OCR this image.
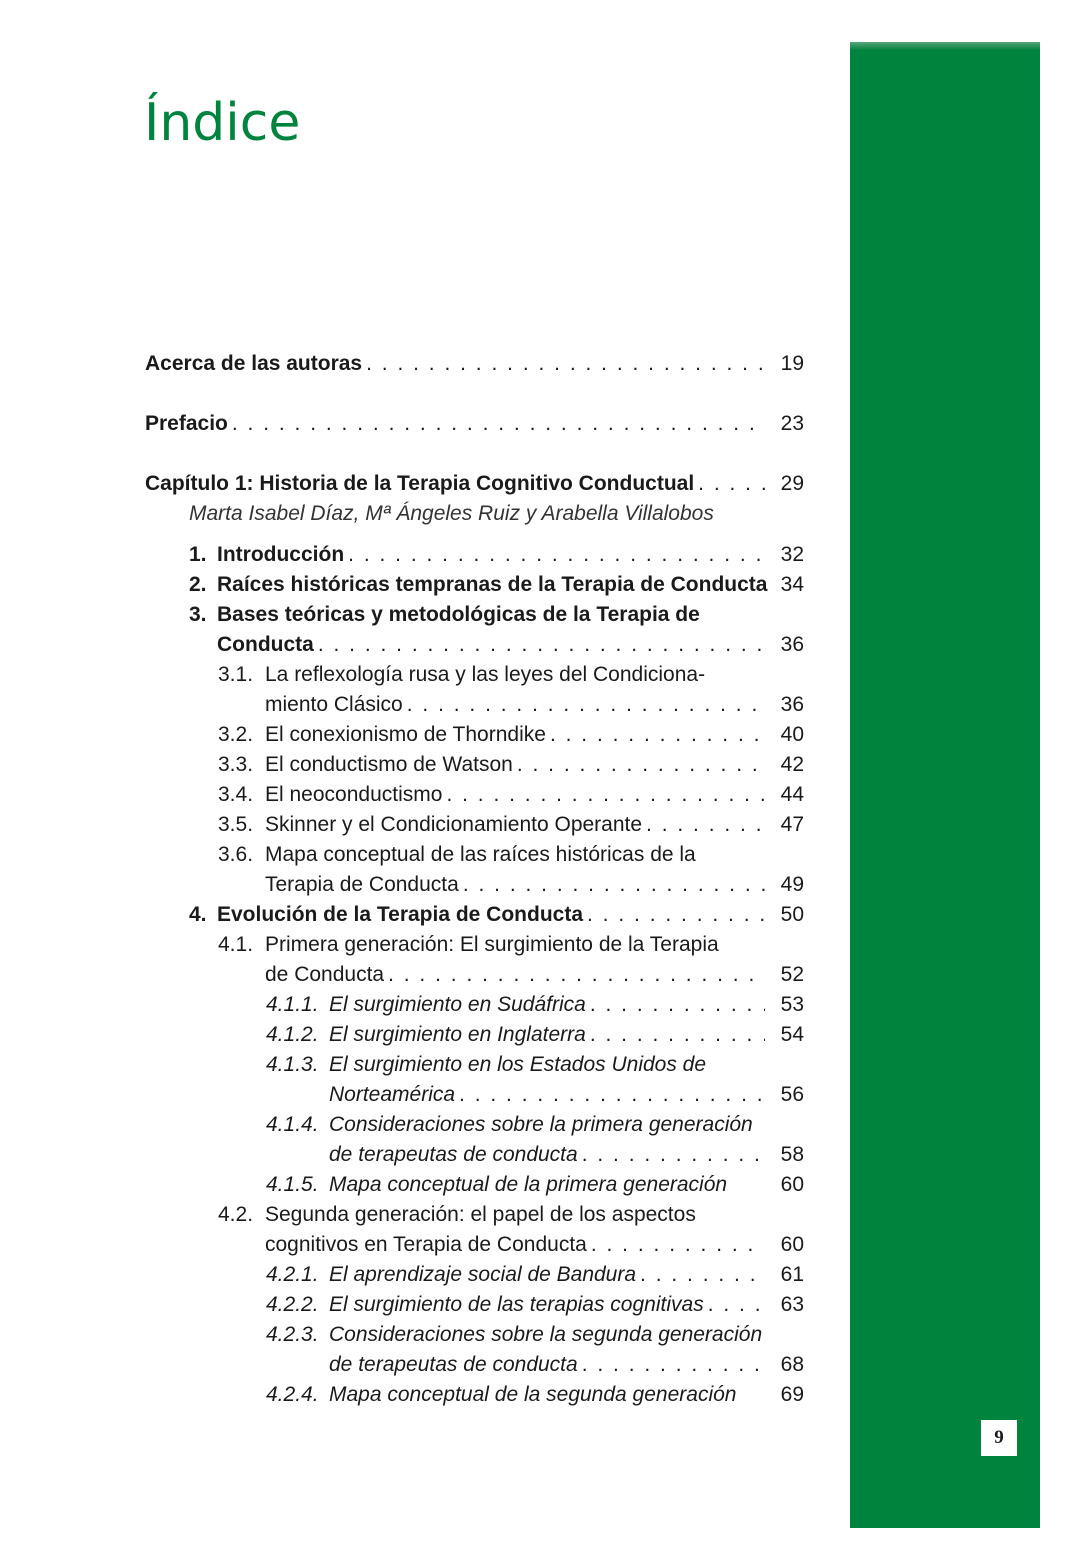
9
Índice
Acerca de las autoras . . .	19
Prefacio . . .	23
Capítulo 1: Historia de la Terapia Cognitivo Conductual . . .	29
Marta Isabel Díaz, Mª Ángeles Ruiz y Arabella Villalobos
1. Introducción . . .	32
2. Raíces históricas tempranas de la Terapia de Conducta 34
3. Bases teóricas y metodológicas de la Terapia de
Conducta . . .	36
3.1. La reflexología rusa y las leyes del Condiciona-
miento Clásico . . .	36
3.2. El conexionismo de Thorndike . . .	40
3.3. El conductismo de Watson . . .	42
3.4. El neoconductismo . . .	44
3.5. Skinner y el Condicionamiento Operante . . .	47
3.6. Mapa conceptual de las raíces históricas de la
Terapia de Conducta . . .	49
4. Evolución de la Terapia de Conducta . . .	50
4.1. Primera generación: El surgimiento de la Terapia
de Conducta . . .	52
4.1.1. El surgimiento en Sudáfrica . . .	53
4.1.2. El surgimiento en Inglaterra . . .	54
4.1.3. El surgimiento en los Estados Unidos de
Norteamérica . . .	56
4.1.4. Consideraciones sobre la primera generación
de terapeutas de conducta . . .	58
4.1.5. Mapa conceptual de la primera generación	60
4.2. Segunda generación: el papel de los aspectos
cognitivos en Terapia de Conducta . . .	60
4.2.1. El aprendizaje social de Bandura . . .	61
4.2.2. El surgimiento de las terapias cognitivas . . .	63
4.2.3. Consideraciones sobre la segunda generación
de terapeutas de conducta . . .	68
4.2.4. Mapa conceptual de la segunda generación 69
